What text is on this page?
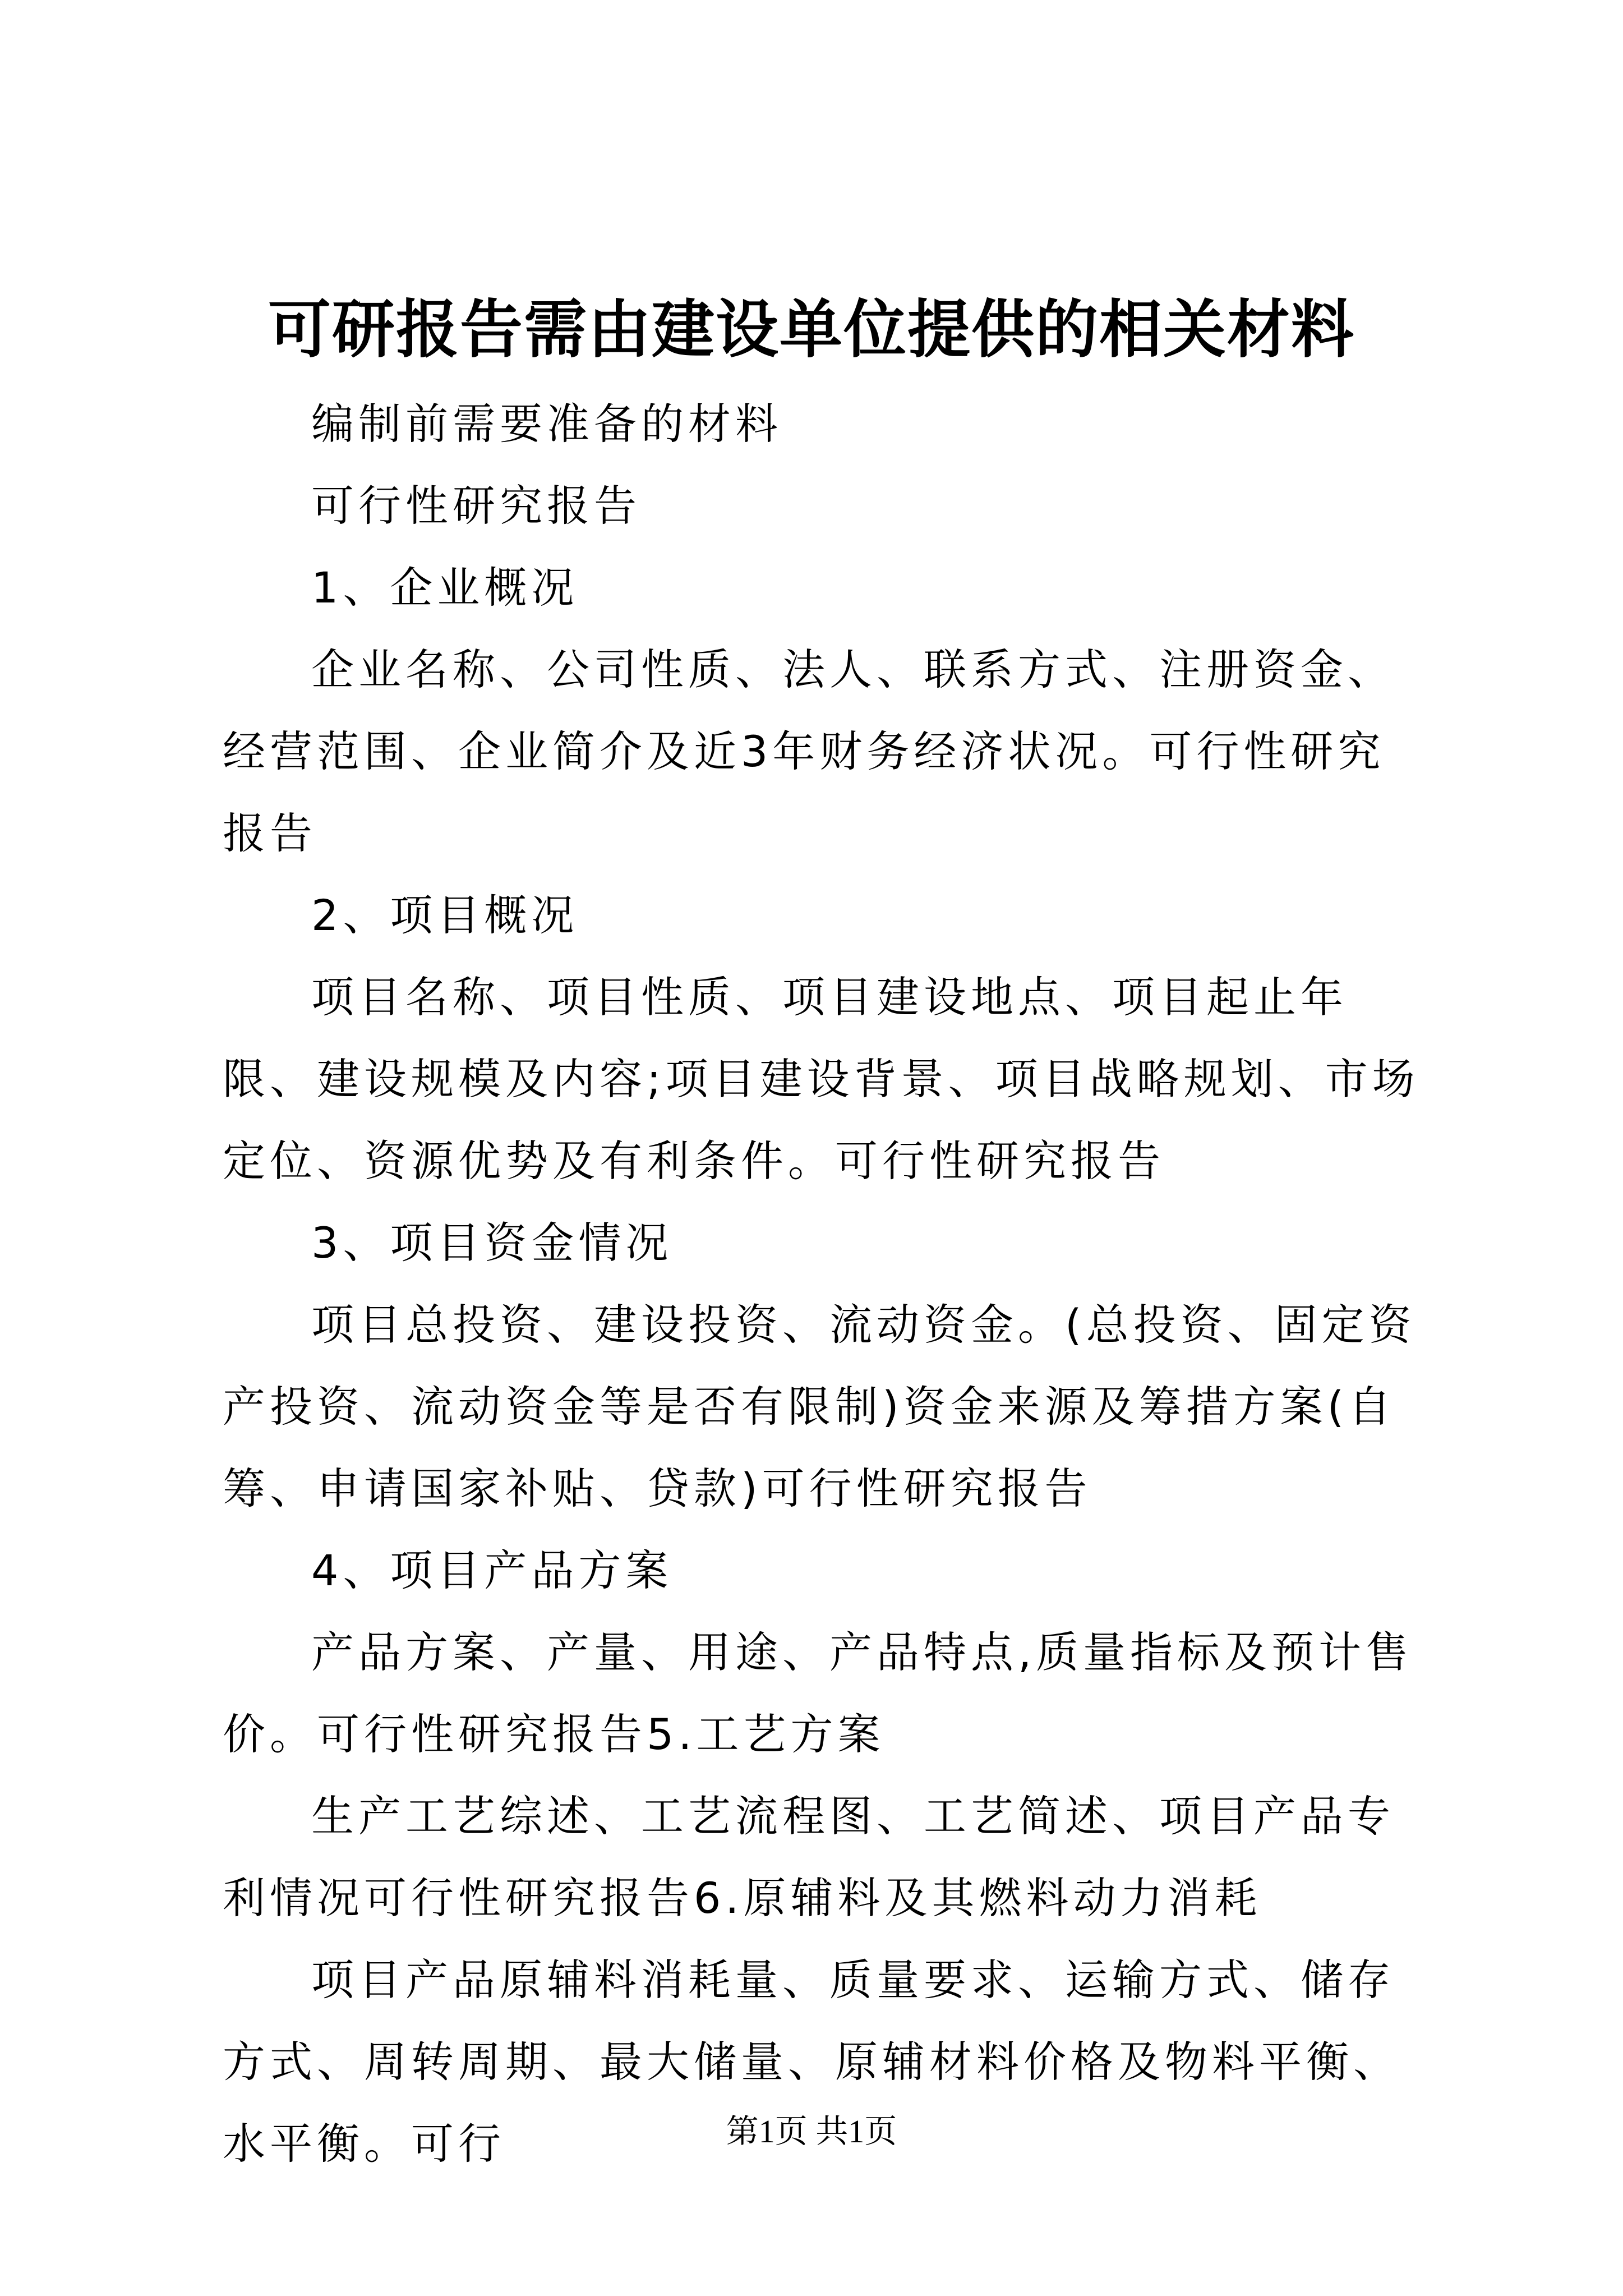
可研报告需由建设单位提供的相关材料

编制前需要准备的材料

可行性研究报告

1、企业概况

企业名称、公司性质、法人、联系方式、注册资金、经营范围、企业简介及近3年财务经济状况。可行性研究报告

2、项目概况

项目名称、项目性质、项目建设地点、项目起止年限、建设规模及内容;项目建设背景、项目战略规划、市场定位、资源优势及有利条件。可行性研究报告

3、项目资金情况

项目总投资、建设投资、流动资金。(总投资、固定资产投资、流动资金等是否有限制)资金来源及筹措方案(自筹、申请国家补贴、贷款)可行性研究报告

4、项目产品方案

产品方案、产量、用途、产品特点,质量指标及预计售价。可行性研究报告5.工艺方案

生产工艺综述、工艺流程图、工艺简述、项目产品专利情况可行性研究报告6.原辅料及其燃料动力消耗

项目产品原辅料消耗量、质量要求、运输方式、储存方式、周转周期、最大储量、原辅材料价格及物料平衡、水平衡。可行	第1页 共1页
